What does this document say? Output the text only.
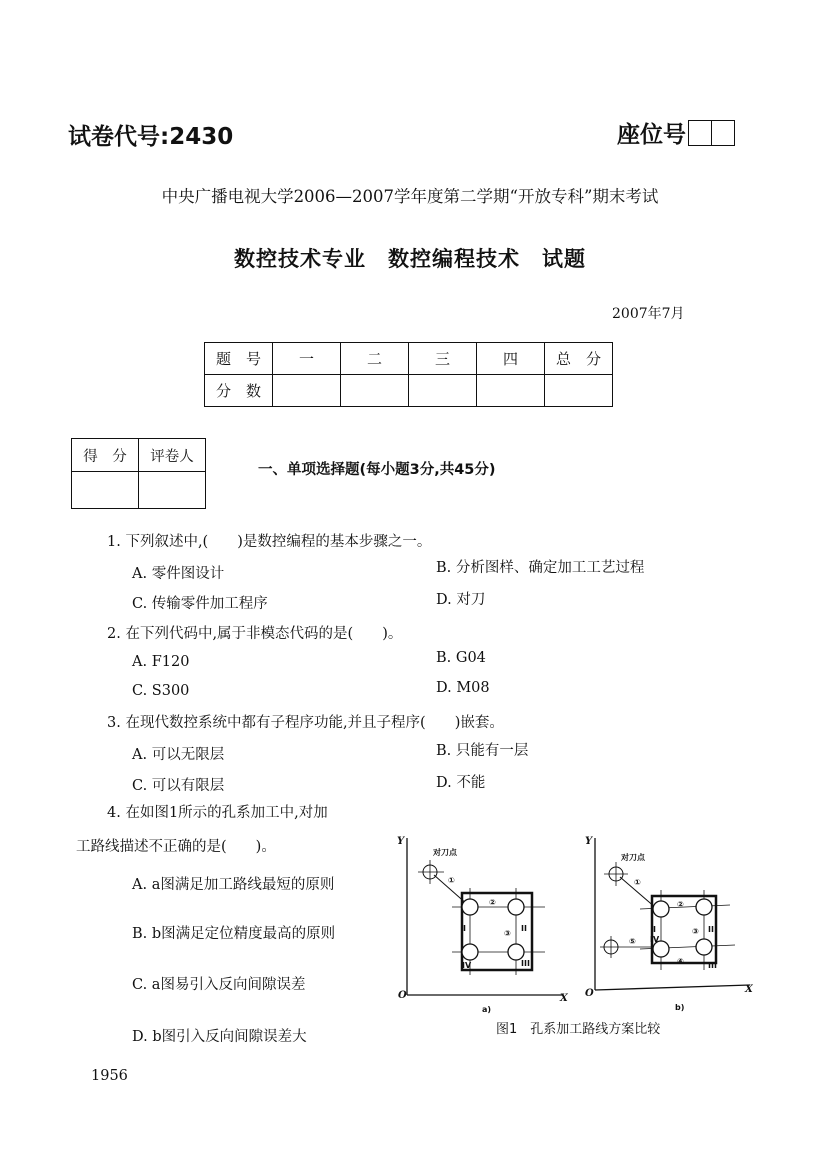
试卷代号:2430	座位号
中央广播电视大学2006—2007学年度第二学期“开放专科”期末考试
数控技术专业　数控编程技术　试题
2007年7月
题　号	一	二	三	四	总　分
分　数					
得　分	评卷人

一、单项选择题(每小题3分,共45分)
1. 下列叙述中,(　　)是数控编程的基本步骤之一。
A. 零件图设计	B. 分析图样、确定加工工艺过程
C. 传输零件加工程序	D. 对刀
2. 在下列代码中,属于非模态代码的是(　　)。
A. F120	B. G04
C. S300	D. M08
3. 在现代数控系统中都有子程序功能,并且子程序(　　)嵌套。
A. 可以无限层	B. 只能有一层
C. 可以有限层	D. 不能
4. 在如图1所示的孔系加工中,对加
工路线描述不正确的是(　　)。
A. a图满足加工路线最短的原则
B. b图满足定位精度最高的原则
C. a图易引入反向间隙误差
D. b图引入反向间隙误差大
Y
X
O
对刀点
①
②
③
I	II
III
IV
a)
Y
X
O
对刀点
①
⑤
②
③
④
I	II
III
IV
b)
图1　孔系加工路线方案比较
1956
